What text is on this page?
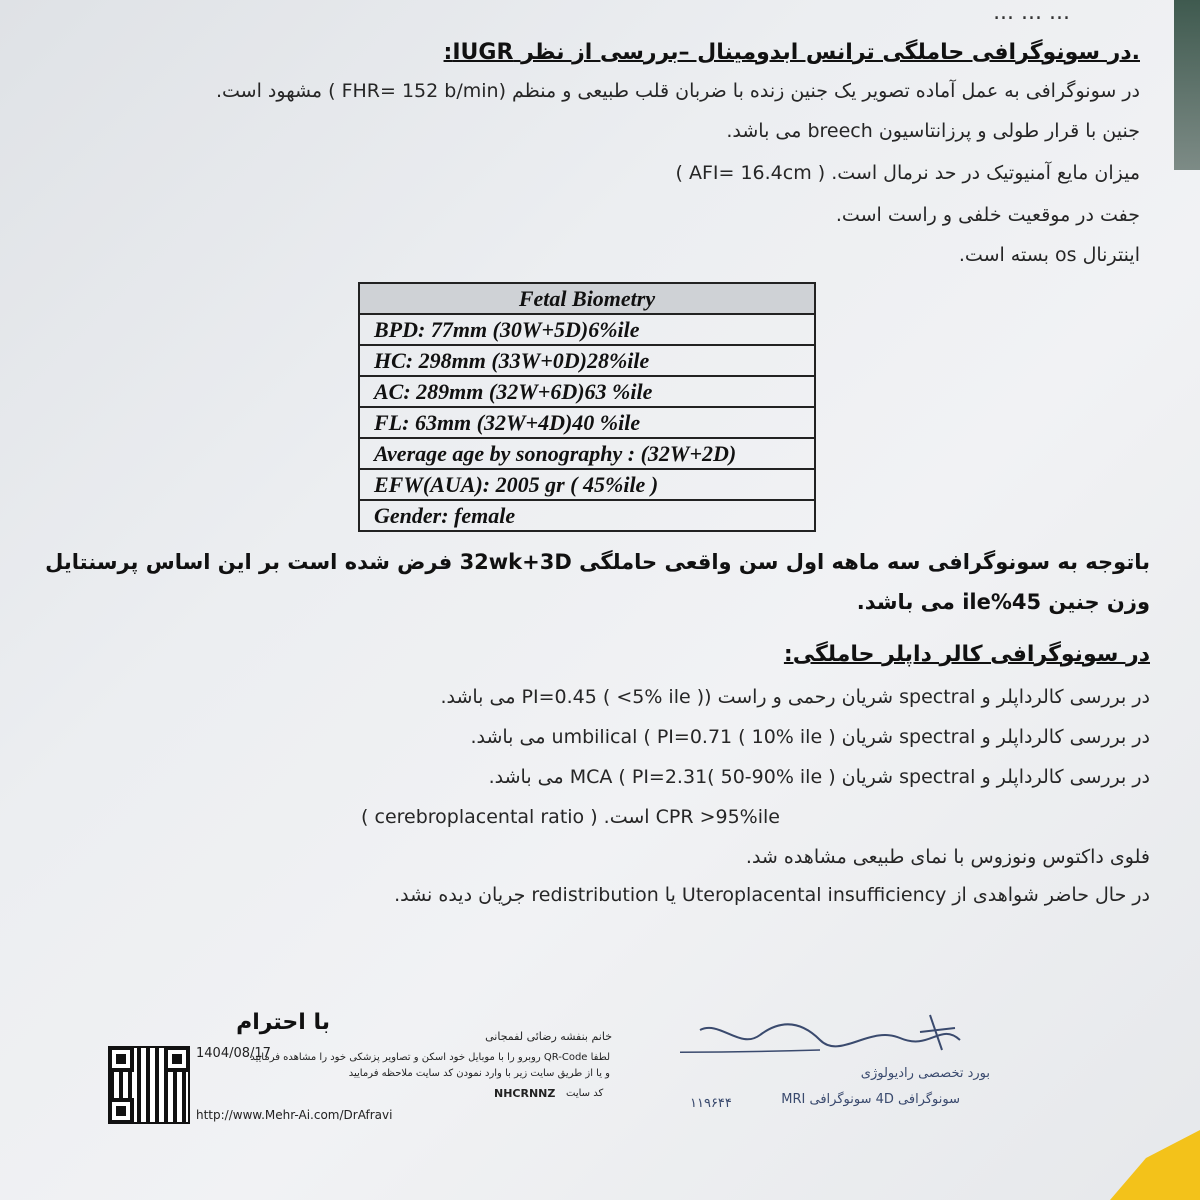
... ... ...
.در سونوگرافی حاملگی ترانس ابدومینال –بررسی از نظر IUGR:
در سونوگرافی به عمل آماده تصویر یک جنین زنده با ضربان قلب طبیعی و منظم (FHR= 152 b/min ) مشهود است.
جنین با قرار طولی و پرزانتاسیون breech می باشد.
میزان مایع آمنیوتیک در حد نرمال است. ( AFI= 16.4cm )
جفت در موقعیت خلفی و راست است.
اینترنال os بسته است.
Fetal Biometry
BPD: 77mm (30W+5D)6%ile
HC: 298mm (33W+0D)28%ile
AC: 289mm (32W+6D)63 %ile
FL: 63mm (32W+4D)40 %ile
Average age by sonography : (32W+2D)
EFW(AUA): 2005 gr ( 45%ile )
Gender: female
باتوجه به سونوگرافی سه ماهه اول سن واقعی حاملگی 32wk+3D فرض شده است بر این اساس پرسنتایل
وزن جنین 45%ile می باشد.
در سونوگرافی کالر داپلر حاملگی:
در بررسی کالرداپلر و spectral شریان رحمی و راست (PI=0.45 ( <5% ile ) می باشد.
در بررسی کالرداپلر و spectral شریان umbilical ( PI=0.71 ( 10% ile ) می باشد.
در بررسی کالرداپلر و spectral شریان MCA ( PI=2.31( 50-90% ile ) می باشد.
CPR >95%ile است. ( cerebroplacental ratio )
فلوی داکتوس ونوزوس با نمای طبیعی مشاهده شد.
در حال حاضر شواهدی از Uteroplacental insufficiency یا redistribution جریان دیده نشد.
با احترام
1404/08/17
http://www.Mehr-Ai.com/DrAfravi
خانم بنفشه رضائی لفمجانی
لطفا QR-Code روبرو را با موبایل خود اسکن و تصاویر پزشکی خود را مشاهده فرمایید
و یا از طریق سایت زیر با وارد نمودن کد سایت ملاحظه فرمایید
کد سایت
NHCRNNZ
بورد تخصصی رادیولوژی
سونوگرافی 4D سونوگرافی MRI
۱۱۹۶۴۴
